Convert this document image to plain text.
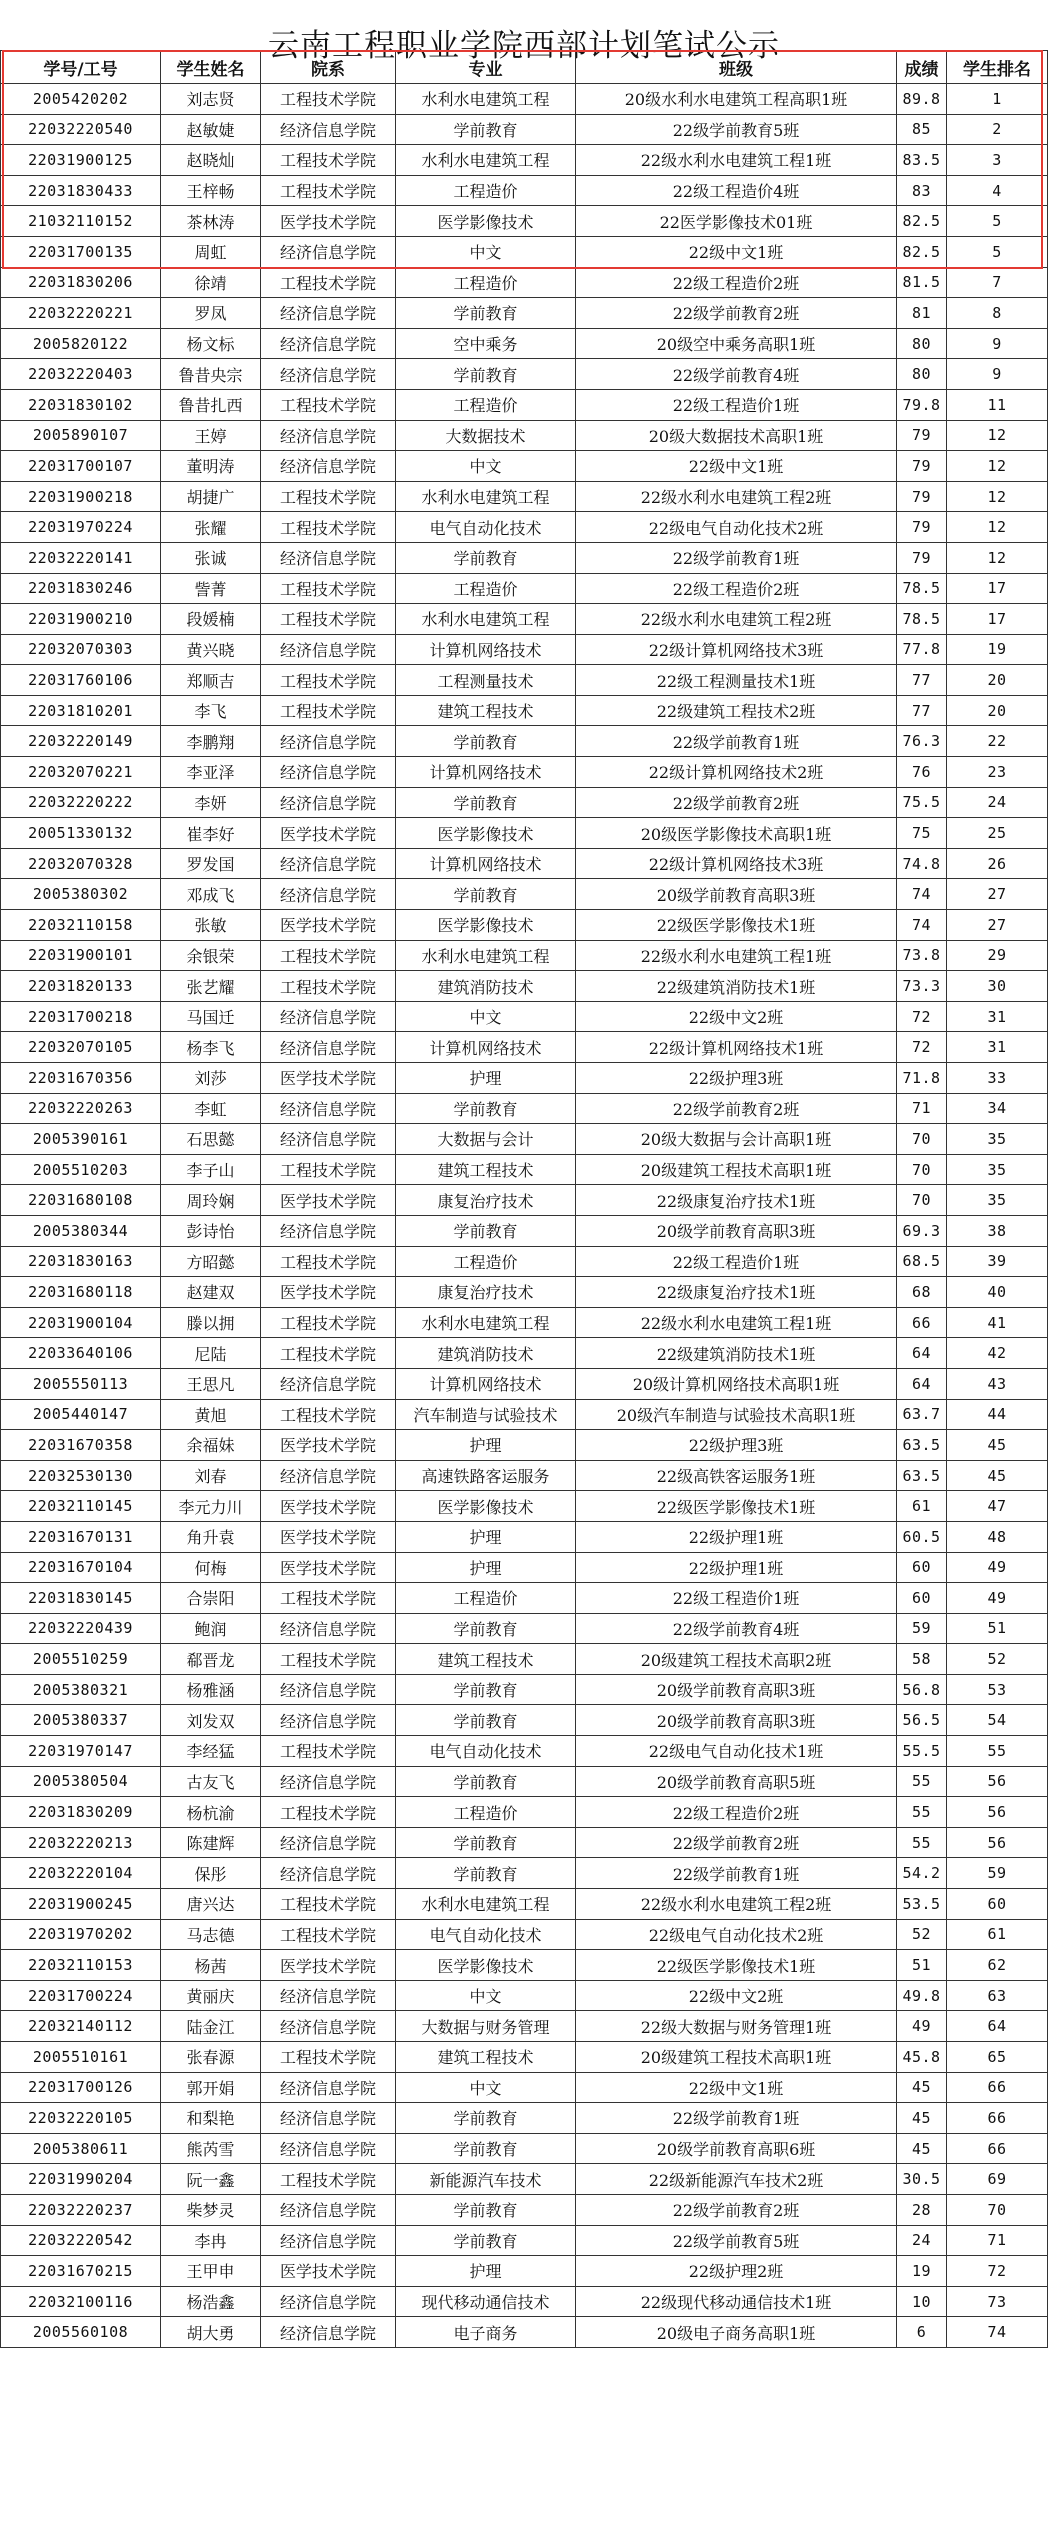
云南工程职业学院西部计划笔试公示
学号/工号	学生姓名	院系	专业	班级	成绩	学生排名
2005420202	刘志贤	工程技术学院	水利水电建筑工程	20级水利水电建筑工程高职1班	89.8	1
22032220540	赵敏婕	经济信息学院	学前教育	22级学前教育5班	85	2
22031900125	赵晓灿	工程技术学院	水利水电建筑工程	22级水利水电建筑工程1班	83.5	3
22031830433	王梓畅	工程技术学院	工程造价	22级工程造价4班	83	4
21032110152	茶林涛	医学技术学院	医学影像技术	22医学影像技术01班	82.5	5
22031700135	周虹	经济信息学院	中文	22级中文1班	82.5	5
22031830206	徐靖	工程技术学院	工程造价	22级工程造价2班	81.5	7
22032220221	罗凤	经济信息学院	学前教育	22级学前教育2班	81	8
2005820122	杨文标	经济信息学院	空中乘务	20级空中乘务高职1班	80	9
22032220403	鲁昔央宗	经济信息学院	学前教育	22级学前教育4班	80	9
22031830102	鲁昔扎西	工程技术学院	工程造价	22级工程造价1班	79.8	11
2005890107	王婷	经济信息学院	大数据技术	20级大数据技术高职1班	79	12
22031700107	董明涛	经济信息学院	中文	22级中文1班	79	12
22031900218	胡捷广	工程技术学院	水利水电建筑工程	22级水利水电建筑工程2班	79	12
22031970224	张耀	工程技术学院	电气自动化技术	22级电气自动化技术2班	79	12
22032220141	张诚	经济信息学院	学前教育	22级学前教育1班	79	12
22031830246	訾菁	工程技术学院	工程造价	22级工程造价2班	78.5	17
22031900210	段媛楠	工程技术学院	水利水电建筑工程	22级水利水电建筑工程2班	78.5	17
22032070303	黄兴晓	经济信息学院	计算机网络技术	22级计算机网络技术3班	77.8	19
22031760106	郑顺吉	工程技术学院	工程测量技术	22级工程测量技术1班	77	20
22031810201	李飞	工程技术学院	建筑工程技术	22级建筑工程技术2班	77	20
22032220149	李鹏翔	经济信息学院	学前教育	22级学前教育1班	76.3	22
22032070221	李亚泽	经济信息学院	计算机网络技术	22级计算机网络技术2班	76	23
22032220222	李妍	经济信息学院	学前教育	22级学前教育2班	75.5	24
20051330132	崔李好	医学技术学院	医学影像技术	20级医学影像技术高职1班	75	25
22032070328	罗发国	经济信息学院	计算机网络技术	22级计算机网络技术3班	74.8	26
2005380302	邓成飞	经济信息学院	学前教育	20级学前教育高职3班	74	27
22032110158	张敏	医学技术学院	医学影像技术	22级医学影像技术1班	74	27
22031900101	余银荣	工程技术学院	水利水电建筑工程	22级水利水电建筑工程1班	73.8	29
22031820133	张艺耀	工程技术学院	建筑消防技术	22级建筑消防技术1班	73.3	30
22031700218	马国迁	经济信息学院	中文	22级中文2班	72	31
22032070105	杨李飞	经济信息学院	计算机网络技术	22级计算机网络技术1班	72	31
22031670356	刘莎	医学技术学院	护理	22级护理3班	71.8	33
22032220263	李虹	经济信息学院	学前教育	22级学前教育2班	71	34
2005390161	石思懿	经济信息学院	大数据与会计	20级大数据与会计高职1班	70	35
2005510203	李子山	工程技术学院	建筑工程技术	20级建筑工程技术高职1班	70	35
22031680108	周玲娴	医学技术学院	康复治疗技术	22级康复治疗技术1班	70	35
2005380344	彭诗怡	经济信息学院	学前教育	20级学前教育高职3班	69.3	38
22031830163	方昭懿	工程技术学院	工程造价	22级工程造价1班	68.5	39
22031680118	赵建双	医学技术学院	康复治疗技术	22级康复治疗技术1班	68	40
22031900104	滕以拥	工程技术学院	水利水电建筑工程	22级水利水电建筑工程1班	66	41
22033640106	尼陆	工程技术学院	建筑消防技术	22级建筑消防技术1班	64	42
2005550113	王思凡	经济信息学院	计算机网络技术	20级计算机网络技术高职1班	64	43
2005440147	黄旭	工程技术学院	汽车制造与试验技术	20级汽车制造与试验技术高职1班	63.7	44
22031670358	余福妹	医学技术学院	护理	22级护理3班	63.5	45
22032530130	刘春	经济信息学院	高速铁路客运服务	22级高铁客运服务1班	63.5	45
22032110145	李元力川	医学技术学院	医学影像技术	22级医学影像技术1班	61	47
22031670131	角升袁	医学技术学院	护理	22级护理1班	60.5	48
22031670104	何梅	医学技术学院	护理	22级护理1班	60	49
22031830145	合崇阳	工程技术学院	工程造价	22级工程造价1班	60	49
22032220439	鲍润	经济信息学院	学前教育	22级学前教育4班	59	51
2005510259	郗晋龙	工程技术学院	建筑工程技术	20级建筑工程技术高职2班	58	52
2005380321	杨雅涵	经济信息学院	学前教育	20级学前教育高职3班	56.8	53
2005380337	刘发双	经济信息学院	学前教育	20级学前教育高职3班	56.5	54
22031970147	李经猛	工程技术学院	电气自动化技术	22级电气自动化技术1班	55.5	55
2005380504	古友飞	经济信息学院	学前教育	20级学前教育高职5班	55	56
22031830209	杨杭渝	工程技术学院	工程造价	22级工程造价2班	55	56
22032220213	陈建辉	经济信息学院	学前教育	22级学前教育2班	55	56
22032220104	保彤	经济信息学院	学前教育	22级学前教育1班	54.2	59
22031900245	唐兴达	工程技术学院	水利水电建筑工程	22级水利水电建筑工程2班	53.5	60
22031970202	马志德	工程技术学院	电气自动化技术	22级电气自动化技术2班	52	61
22032110153	杨茜	医学技术学院	医学影像技术	22级医学影像技术1班	51	62
22031700224	黄丽庆	经济信息学院	中文	22级中文2班	49.8	63
22032140112	陆金江	经济信息学院	大数据与财务管理	22级大数据与财务管理1班	49	64
2005510161	张春源	工程技术学院	建筑工程技术	20级建筑工程技术高职1班	45.8	65
22031700126	郭开娟	经济信息学院	中文	22级中文1班	45	66
22032220105	和梨艳	经济信息学院	学前教育	22级学前教育1班	45	66
2005380611	熊芮雪	经济信息学院	学前教育	20级学前教育高职6班	45	66
22031990204	阮一鑫	工程技术学院	新能源汽车技术	22级新能源汽车技术2班	30.5	69
22032220237	柴梦灵	经济信息学院	学前教育	22级学前教育2班	28	70
22032220542	李冉	经济信息学院	学前教育	22级学前教育5班	24	71
22031670215	王甲申	医学技术学院	护理	22级护理2班	19	72
22032100116	杨浩鑫	经济信息学院	现代移动通信技术	22级现代移动通信技术1班	10	73
2005560108	胡大勇	经济信息学院	电子商务	20级电子商务高职1班	6	74
